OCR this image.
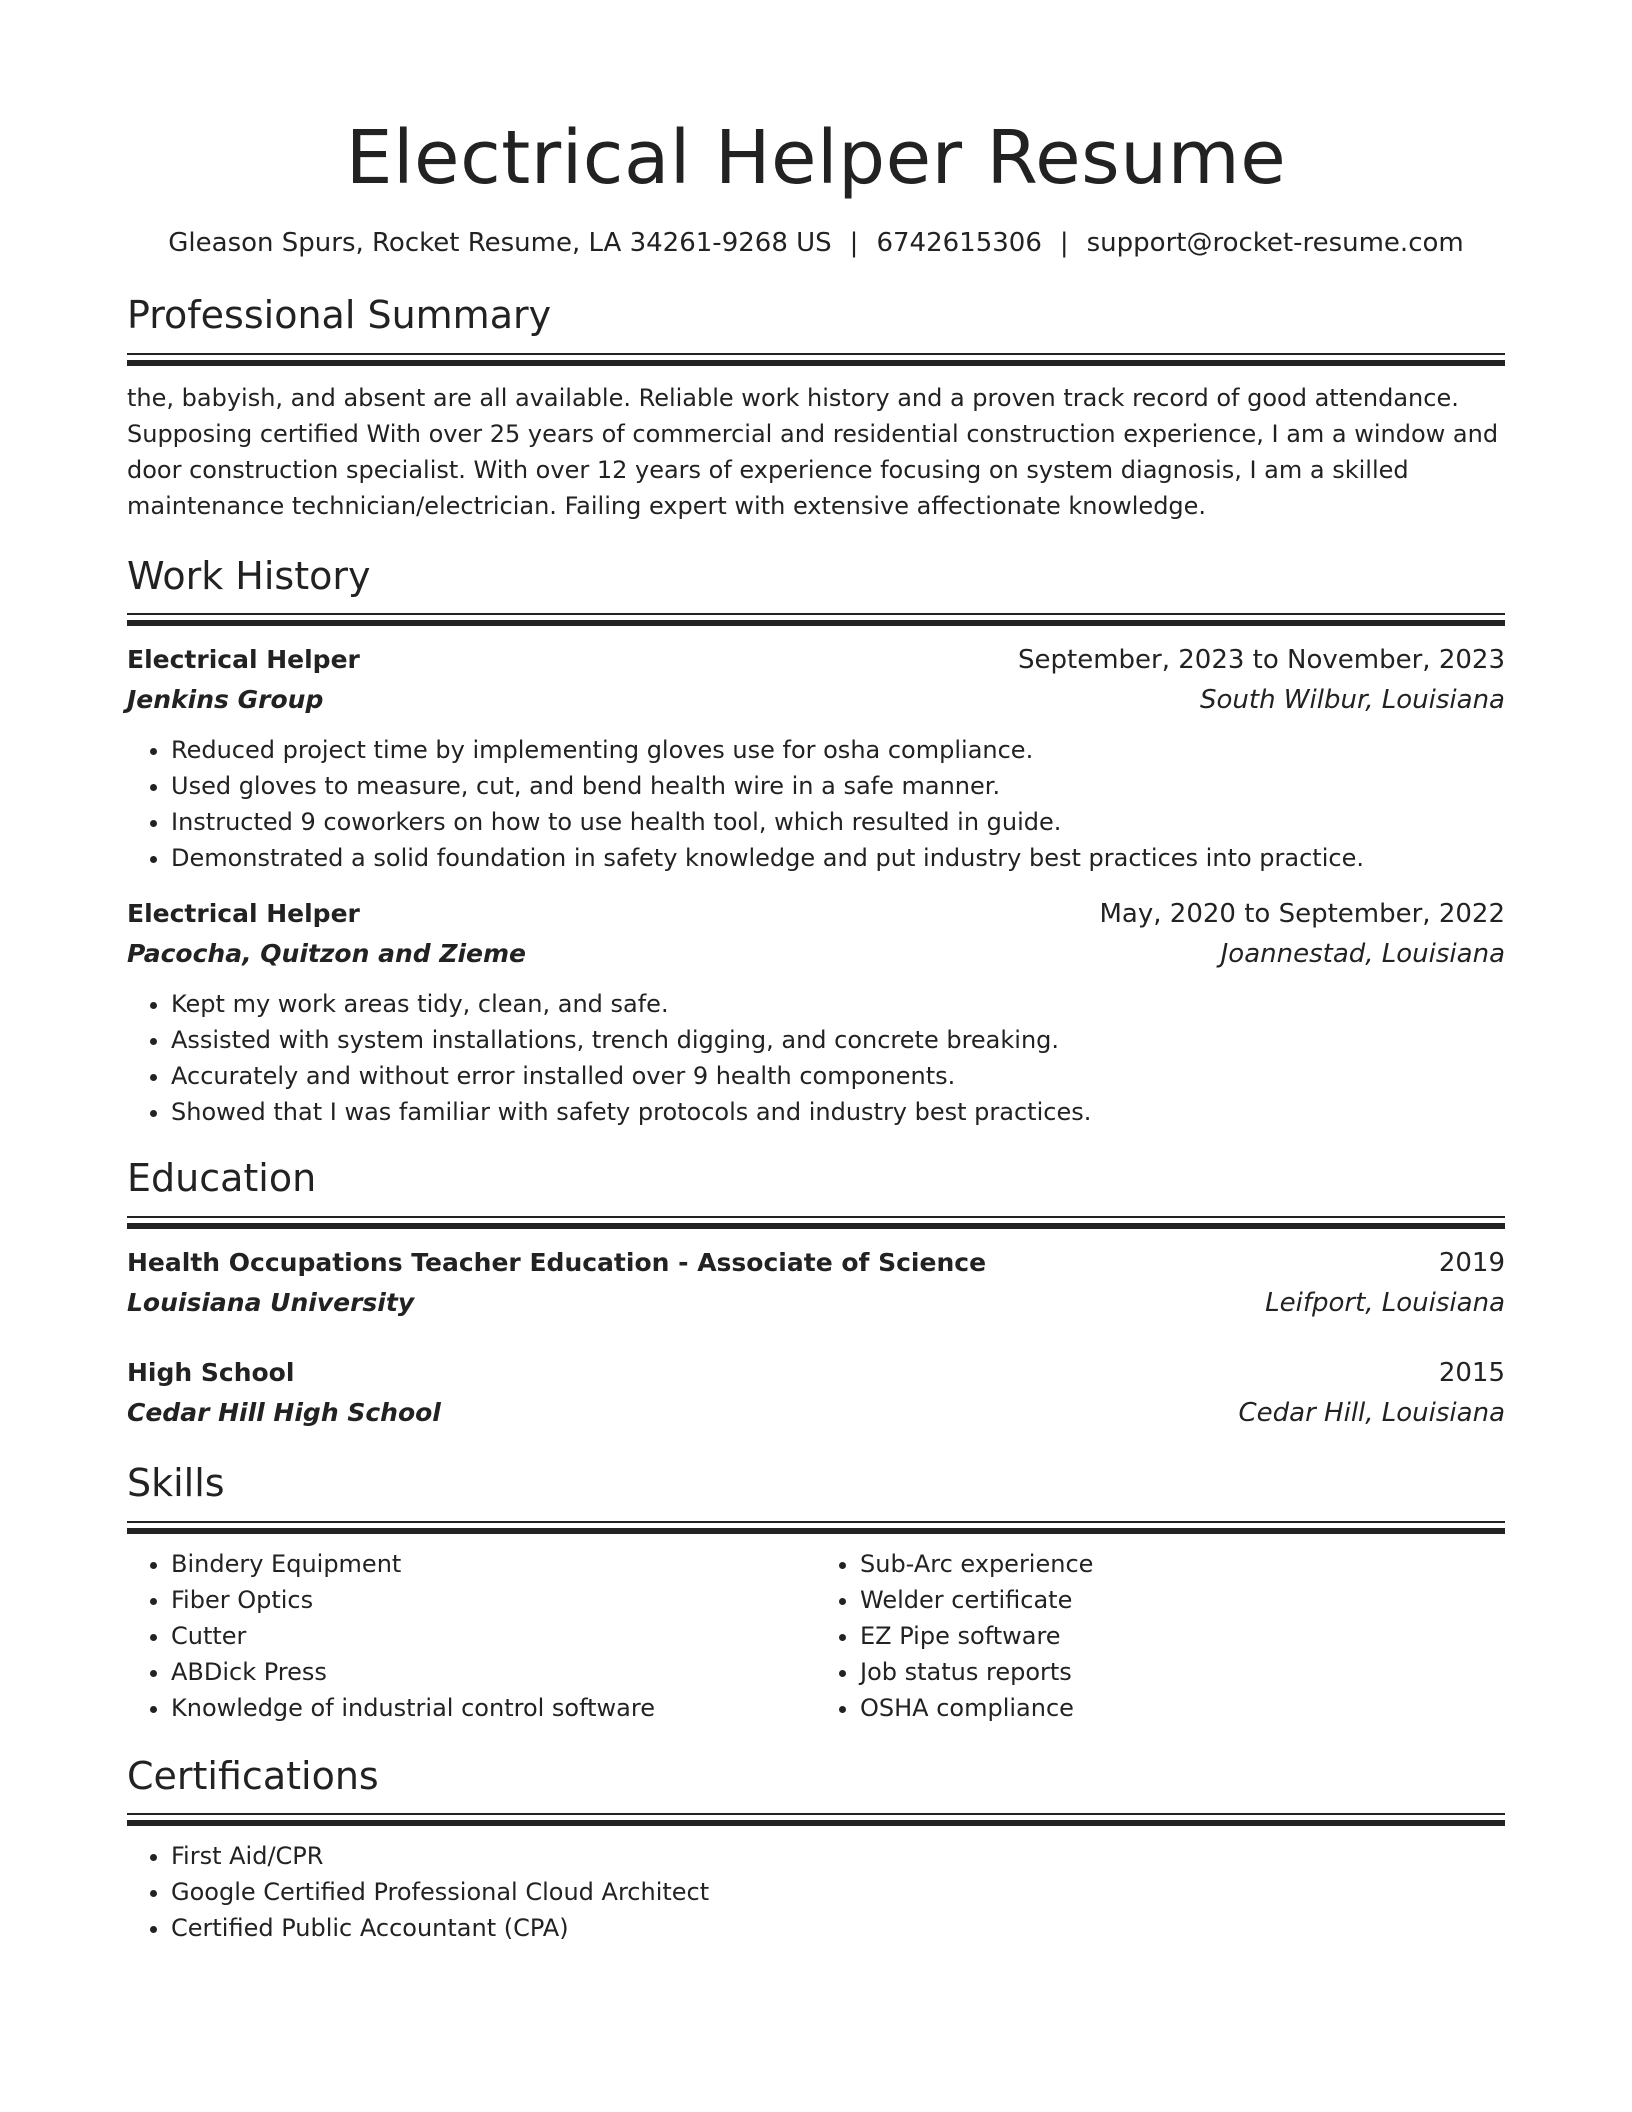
Electrical Helper Resume
Gleason Spurs, Rocket Resume, LA 34261-9268 US | 6742615306 | support@rocket-resume.com
Professional Summary
the, babyish, and absent are all available. Reliable work history and a proven track record of good attendance. Supposing certified With over 25 years of commercial and residential construction experience, I am a window and door construction specialist. With over 12 years of experience focusing on system diagnosis, I am a skilled maintenance technician/electrician. Failing expert with extensive affectionate knowledge.
Work History
Electrical Helper	September, 2023 to November, 2023
Jenkins Group	South Wilbur, Louisiana
• Reduced project time by implementing gloves use for osha compliance.
• Used gloves to measure, cut, and bend health wire in a safe manner.
• Instructed 9 coworkers on how to use health tool, which resulted in guide.
• Demonstrated a solid foundation in safety knowledge and put industry best practices into practice.
Electrical Helper	May, 2020 to September, 2022
Pacocha, Quitzon and Zieme	Joannestad, Louisiana
• Kept my work areas tidy, clean, and safe.
• Assisted with system installations, trench digging, and concrete breaking.
• Accurately and without error installed over 9 health components.
• Showed that I was familiar with safety protocols and industry best practices.
Education
Health Occupations Teacher Education - Associate of Science	2019
Louisiana University	Leifport, Louisiana
High School	2015
Cedar Hill High School	Cedar Hill, Louisiana
Skills
• Bindery Equipment
• Fiber Optics
• Cutter
• ABDick Press
• Knowledge of industrial control software
• Sub-Arc experience
• Welder certificate
• EZ Pipe software
• Job status reports
• OSHA compliance
Certifications
• First Aid/CPR
• Google Certified Professional Cloud Architect
• Certified Public Accountant (CPA)
